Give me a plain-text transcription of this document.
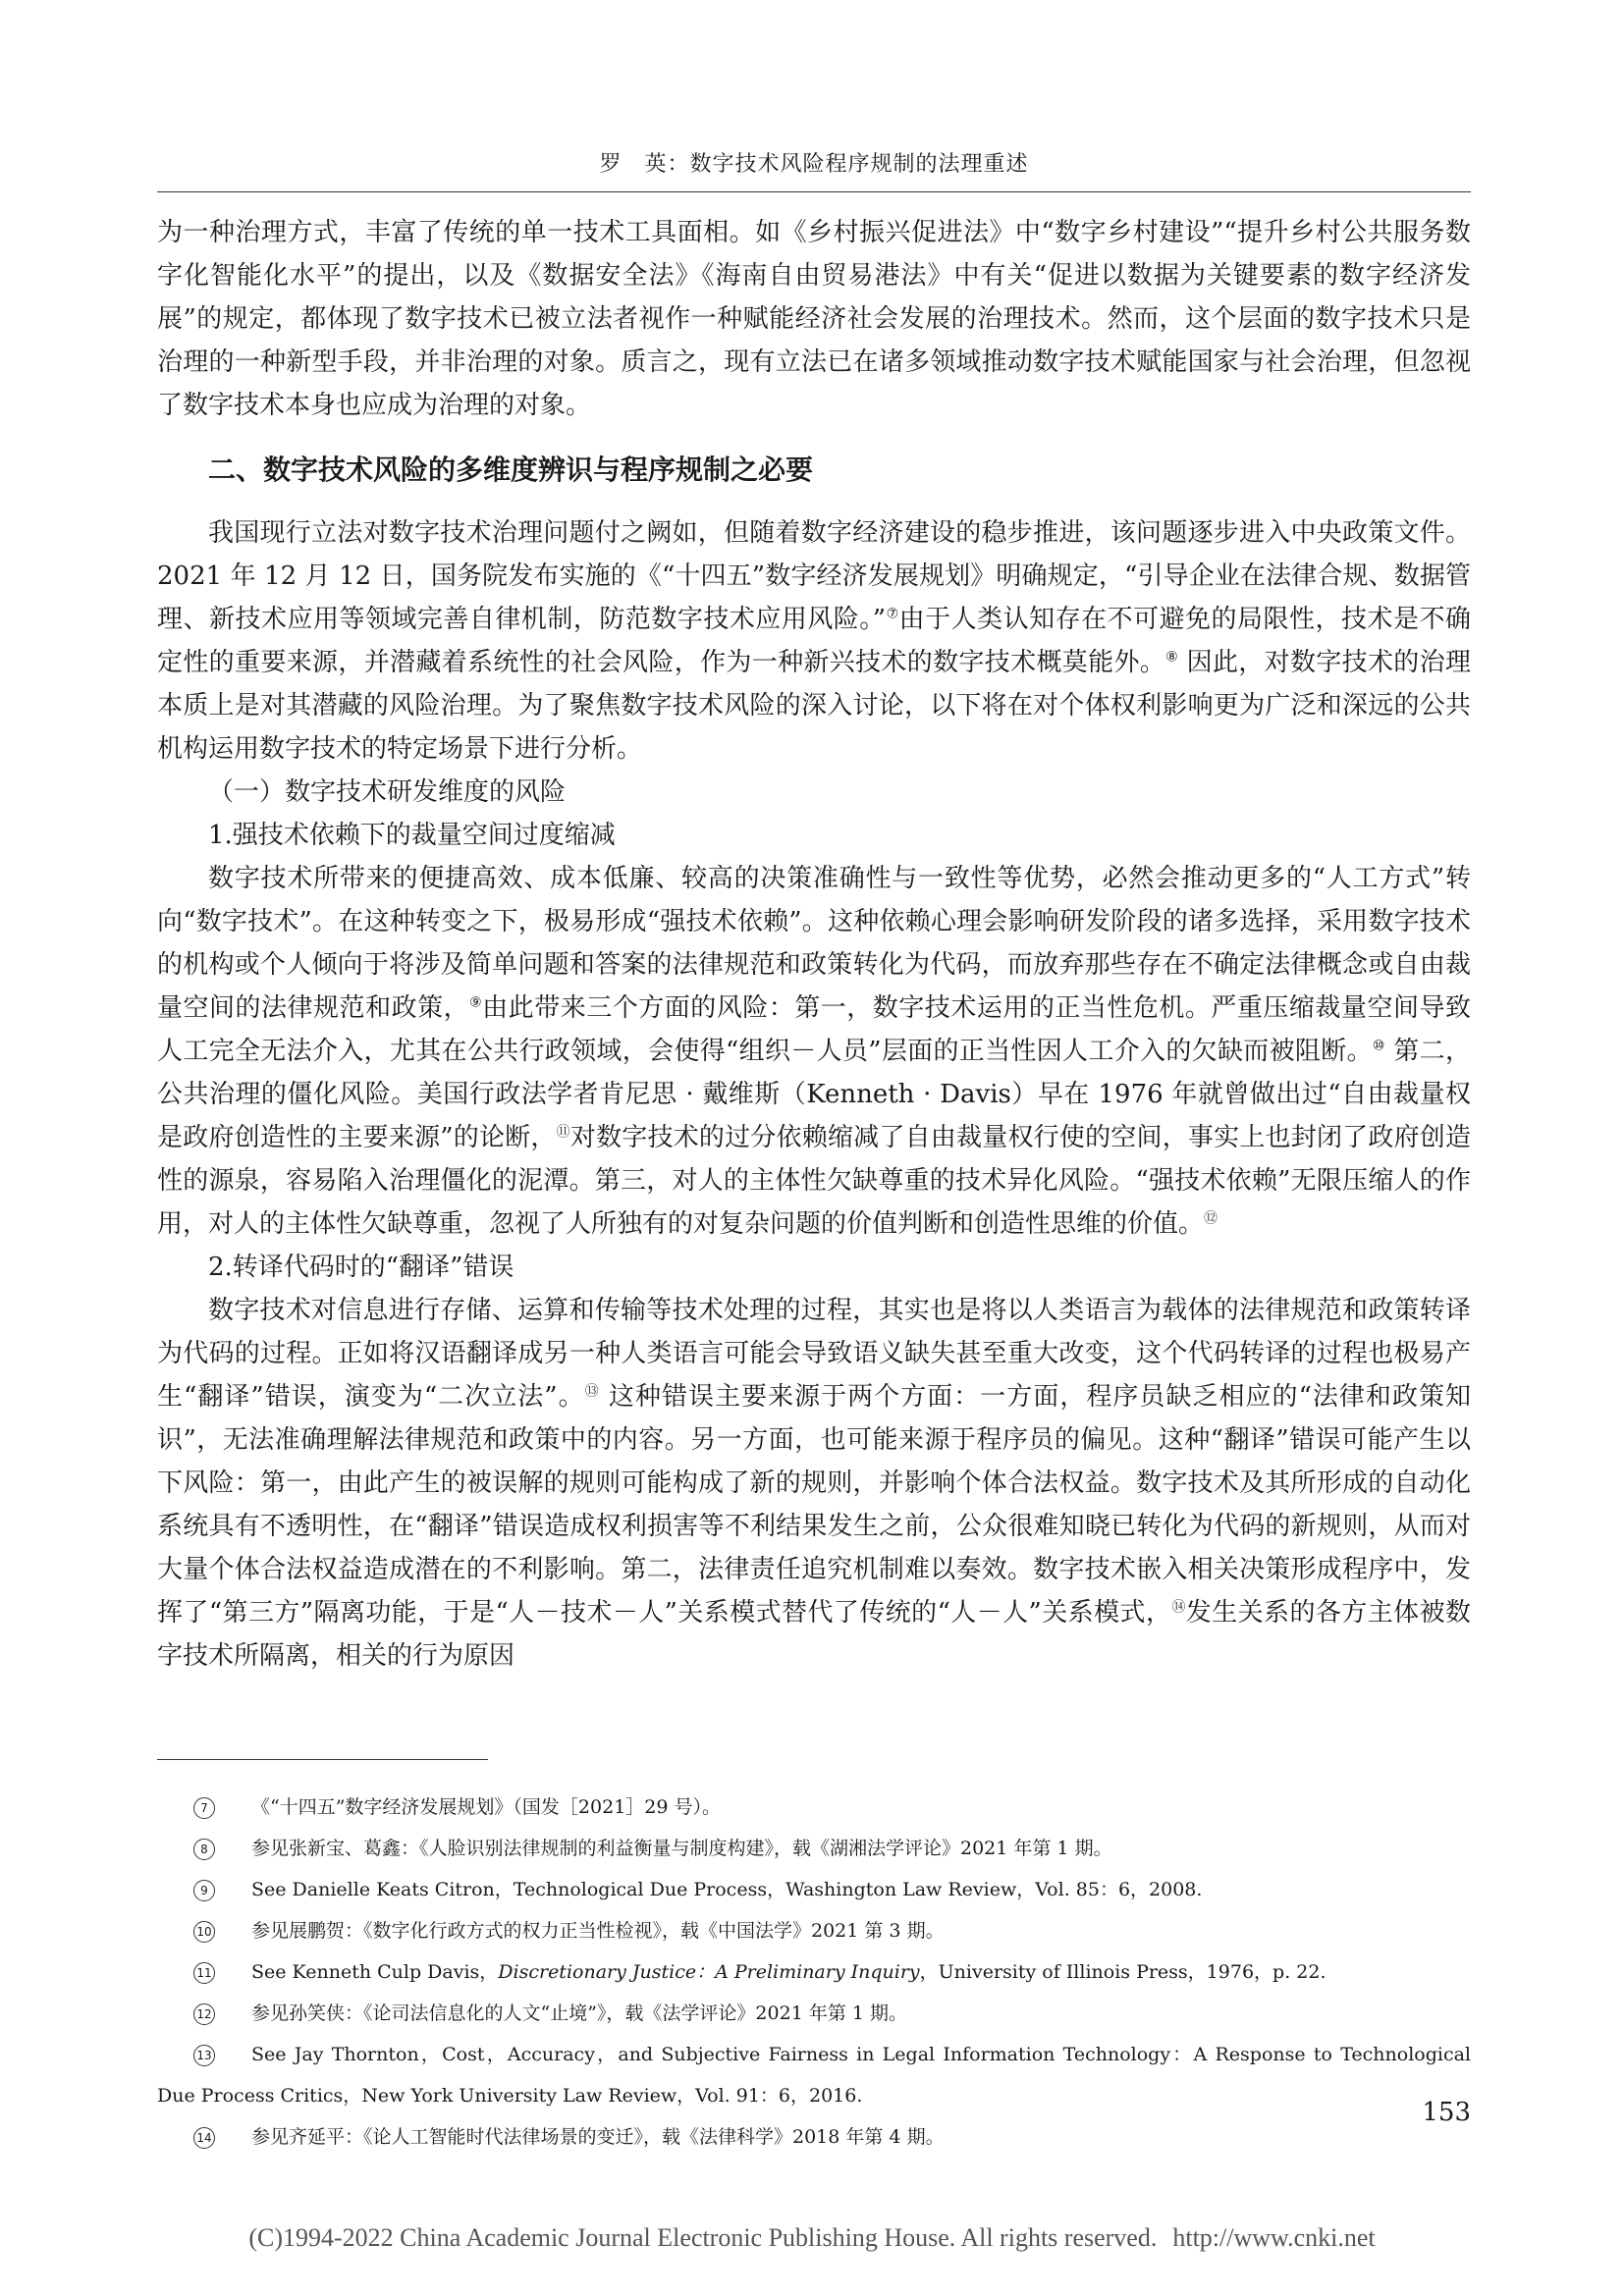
罗　英：数字技术风险程序规制的法理重述

为一种治理方式，丰富了传统的单一技术工具面相。如《乡村振兴促进法》中“数字乡村建设”“提升乡村公共服务数字化智能化水平”的提出，以及《数据安全法》《海南自由贸易港法》中有关“促进以数据为关键要素的数字经济发展”的规定，都体现了数字技术已被立法者视作一种赋能经济社会发展的治理技术。然而，这个层面的数字技术只是治理的一种新型手段，并非治理的对象。质言之，现有立法已在诸多领域推动数字技术赋能国家与社会治理，但忽视了数字技术本身也应成为治理的对象。

二、数字技术风险的多维度辨识与程序规制之必要

我国现行立法对数字技术治理问题付之阙如，但随着数字经济建设的稳步推进，该问题逐步进入中央政策文件。2021 年 12 月 12 日，国务院发布实施的《“十四五”数字经济发展规划》明确规定，“引导企业在法律合规、数据管理、新技术应用等领域完善自律机制，防范数字技术应用风险。”⑦由于人类认知存在不可避免的局限性，技术是不确定性的重要来源，并潜藏着系统性的社会风险，作为一种新兴技术的数字技术概莫能外。⑧ 因此，对数字技术的治理本质上是对其潜藏的风险治理。为了聚焦数字技术风险的深入讨论，以下将在对个体权利影响更为广泛和深远的公共机构运用数字技术的特定场景下进行分析。

（一）数字技术研发维度的风险

1.强技术依赖下的裁量空间过度缩减

数字技术所带来的便捷高效、成本低廉、较高的决策准确性与一致性等优势，必然会推动更多的“人工方式”转向“数字技术”。在这种转变之下，极易形成“强技术依赖”。这种依赖心理会影响研发阶段的诸多选择，采用数字技术的机构或个人倾向于将涉及简单问题和答案的法律规范和政策转化为代码，而放弃那些存在不确定法律概念或自由裁量空间的法律规范和政策，⑨由此带来三个方面的风险：第一，数字技术运用的正当性危机。严重压缩裁量空间导致人工完全无法介入，尤其在公共行政领域，会使得“组织－人员”层面的正当性因人工介入的欠缺而被阻断。⑩ 第二，公共治理的僵化风险。美国行政法学者肯尼思 · 戴维斯（Kenneth · Davis）早在 1976 年就曾做出过“自由裁量权是政府创造性的主要来源”的论断，⑪对数字技术的过分依赖缩减了自由裁量权行使的空间，事实上也封闭了政府创造性的源泉，容易陷入治理僵化的泥潭。第三，对人的主体性欠缺尊重的技术异化风险。“强技术依赖”无限压缩人的作用，对人的主体性欠缺尊重，忽视了人所独有的对复杂问题的价值判断和创造性思维的价值。⑫

2.转译代码时的“翻译”错误

数字技术对信息进行存储、运算和传输等技术处理的过程，其实也是将以人类语言为载体的法律规范和政策转译为代码的过程。正如将汉语翻译成另一种人类语言可能会导致语义缺失甚至重大改变，这个代码转译的过程也极易产生“翻译”错误，演变为“二次立法”。⑬ 这种错误主要来源于两个方面：一方面，程序员缺乏相应的“法律和政策知识”，无法准确理解法律规范和政策中的内容。另一方面，也可能来源于程序员的偏见。这种“翻译”错误可能产生以下风险：第一，由此产生的被误解的规则可能构成了新的规则，并影响个体合法权益。数字技术及其所形成的自动化系统具有不透明性，在“翻译”错误造成权利损害等不利结果发生之前，公众很难知晓已转化为代码的新规则，从而对大量个体合法权益造成潜在的不利影响。第二，法律责任追究机制难以奏效。数字技术嵌入相关决策形成程序中，发挥了“第三方”隔离功能，于是“人－技术－人”关系模式替代了传统的“人－人”关系模式，⑭发生关系的各方主体被数字技术所隔离，相关的行为原因

7	《“十四五”数字经济发展规划》（国发［2021］29 号）。

8	参见张新宝、葛鑫：《人脸识别法律规制的利益衡量与制度构建》，载《湖湘法学评论》2021 年第 1 期。

9	See Danielle Keats Citron，Technological Due Process，Washington Law Review，Vol. 85：6，2008.

10	参见展鹏贺：《数字化行政方式的权力正当性检视》，载《中国法学》2021 第 3 期。

11	See Kenneth Culp Davis，Discretionary Justice：A Preliminary Inquiry，University of Illinois Press，1976，p. 22.

12	参见孙笑侠：《论司法信息化的人文“止境”》，载《法学评论》2021 年第 1 期。

13	See Jay Thornton，Cost，Accuracy，and Subjective Fairness in Legal Information Technology：A Response to Technological Due Process Critics，New York University Law Review，Vol. 91：6，2016.

14	参见齐延平：《论人工智能时代法律场景的变迁》，载《法律科学》2018 年第 4 期。

153
(C)1994-2022 China Academic Journal Electronic Publishing House. All rights reserved. http://www.cnki.net
